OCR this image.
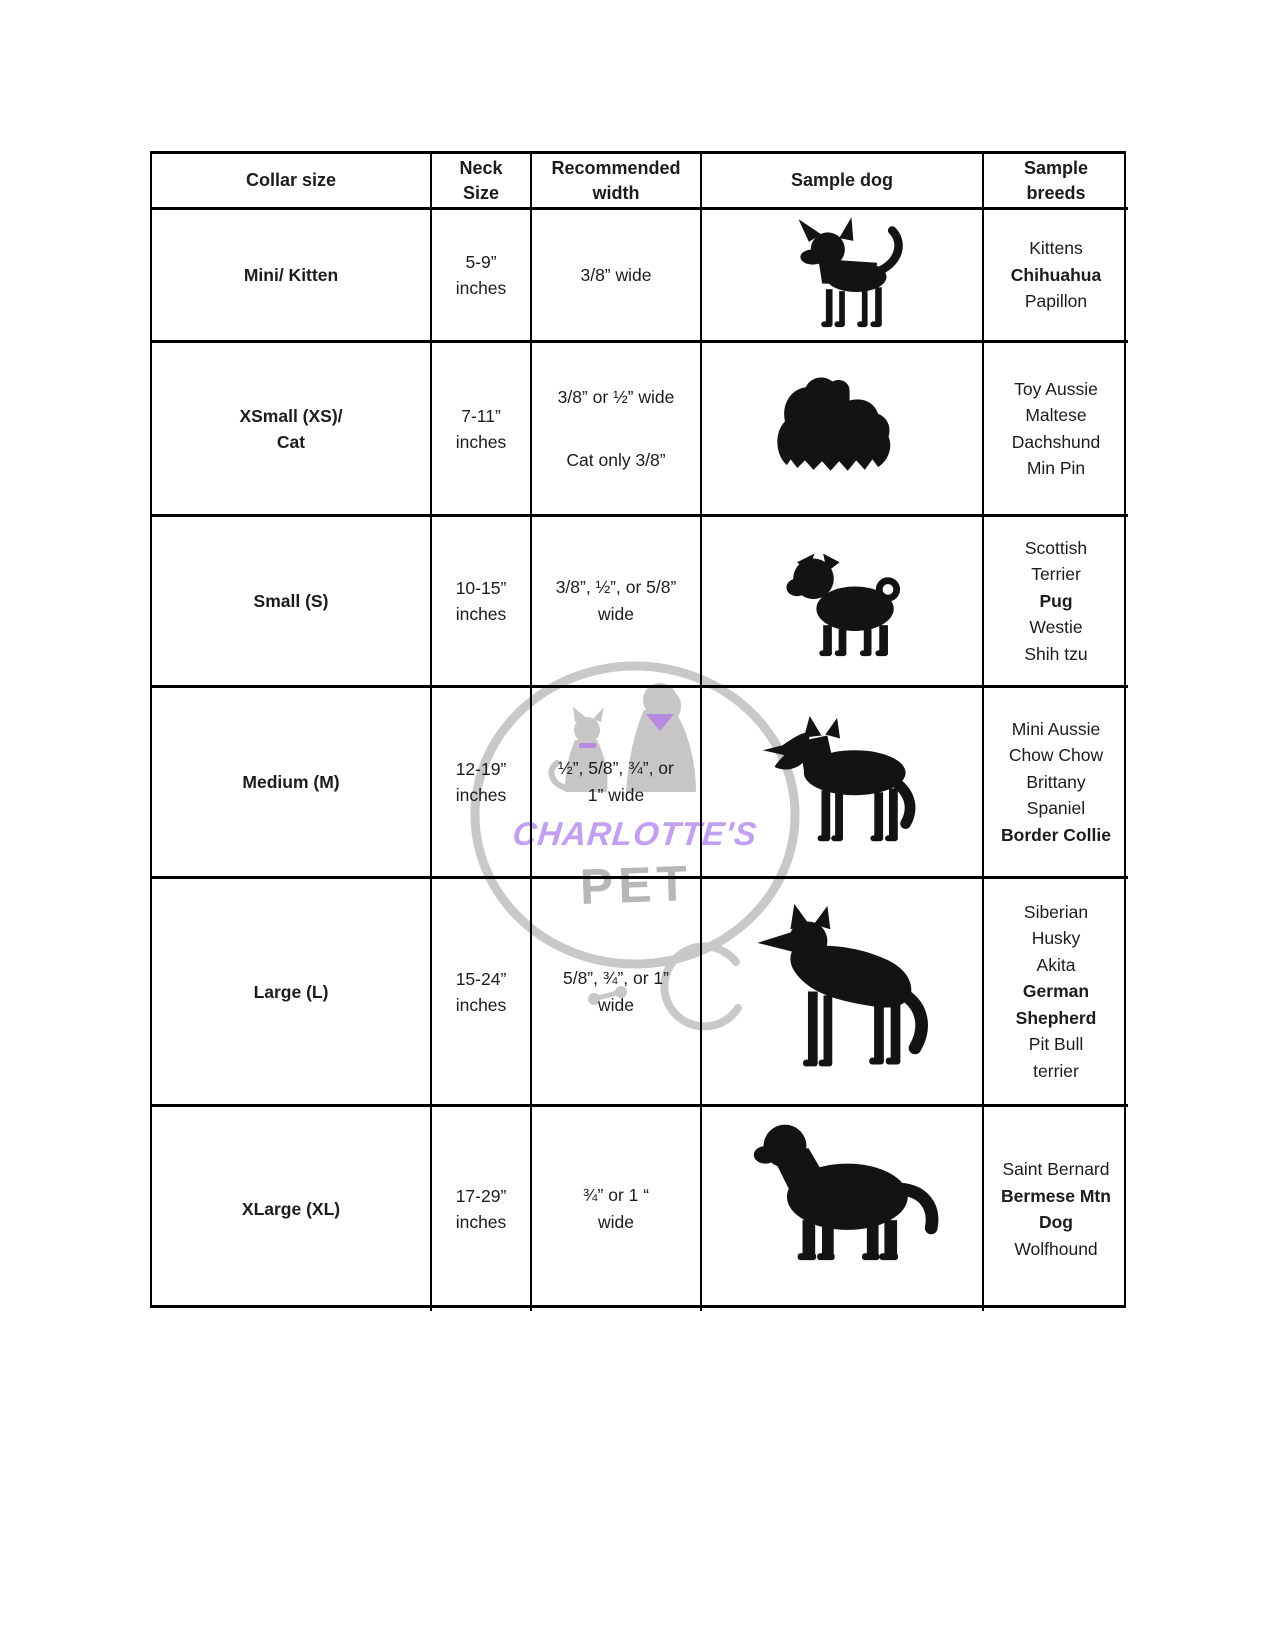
CHARLOTTE'S
PET
Collar size
Neck
Size
Recommended
width
Sample dog
Sample
breeds
Mini/ Kitten
5-9”
inches
3/8” wide
Kittens
Chihuahua
Papillon
XSmall (XS)/
Cat
7-11”
inches
3/8” or ½” wide
Cat only 3/8”
Toy Aussie
Maltese
Dachshund
Min Pin
Small (S)
10-15”
inches
3/8”, ½”, or 5/8” wide
Scottish
Terrier
Pug
Westie
Shih tzu
Medium (M)
12-19”
inches
½”, 5/8”, ¾”, or 1” wide
Mini Aussie
Chow Chow
Brittany
Spaniel
Border Collie
Large (L)
15-24”
inches
5/8”, ¾”, or 1” wide
Siberian
Husky
Akita
German
Shepherd
Pit Bull
terrier
XLarge (XL)
17-29”
inches
¾” or 1 “ wide
Saint Bernard
Bermese Mtn
Dog
Wolfhound
